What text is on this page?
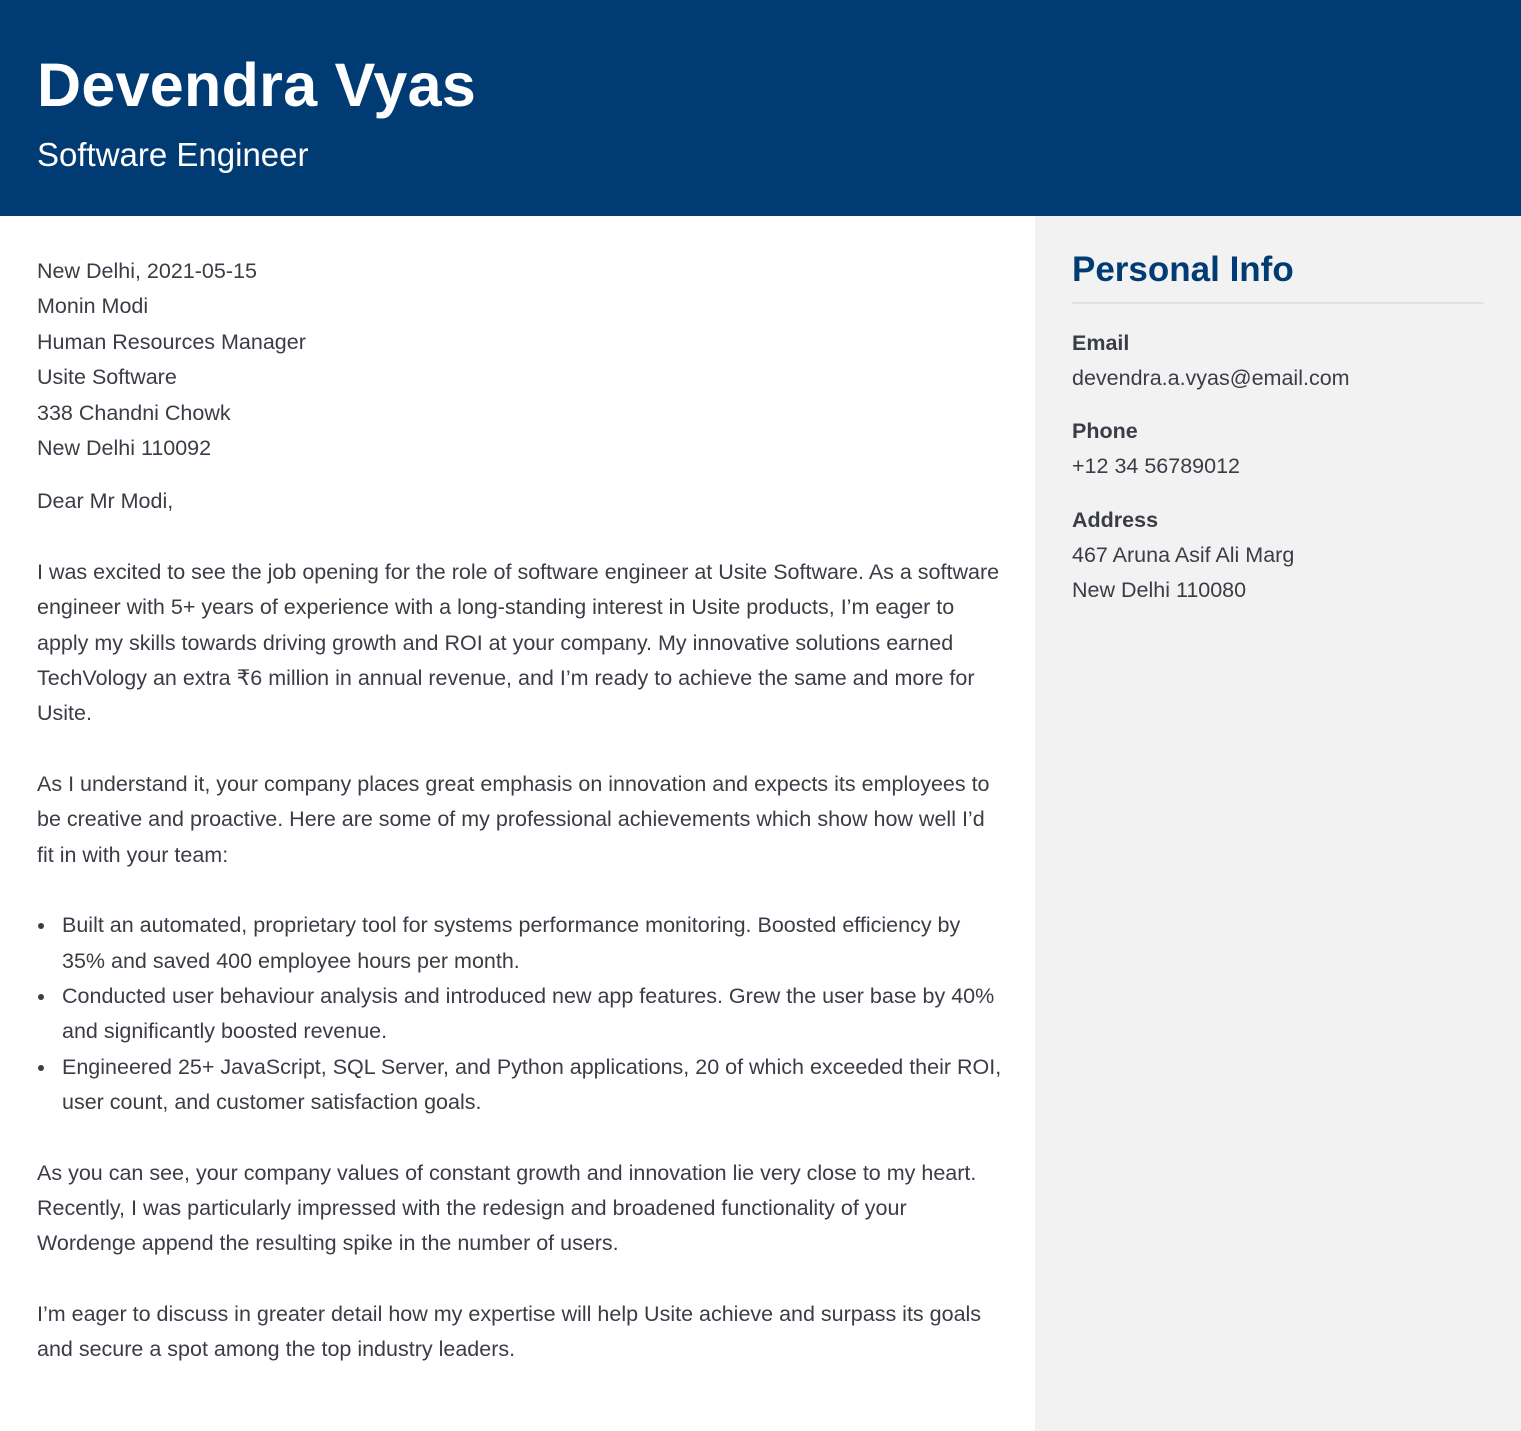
Devendra Vyas
Software Engineer
New Delhi, 2021-05-15
Monin Modi
Human Resources Manager
Usite Software
338 Chandni Chowk
New Delhi 110092

Dear Mr Modi,

I was excited to see the job opening for the role of software engineer at Usite Software. As a software engineer with 5+ years of experience with a long-standing interest in Usite products, I’m eager to apply my skills towards driving growth and ROI at your company. My innovative solutions earned TechVology an extra ₹6 million in annual revenue, and I’m ready to achieve the same and more for Usite.

As I understand it, your company places great emphasis on innovation and expects its employees to be creative and proactive. Here are some of my professional achievements which show how well I’d fit in with your team:

Built an automated, proprietary tool for systems performance monitoring. Boosted efficiency by 35% and saved 400 employee hours per month.
Conducted user behaviour analysis and introduced new app features. Grew the user base by 40% and significantly boosted revenue.
Engineered 25+ JavaScript, SQL Server, and Python applications, 20 of which exceeded their ROI, user count, and customer satisfaction goals.

As you can see, your company values of constant growth and innovation lie very close to my heart. Recently, I was particularly impressed with the redesign and broadened functionality of your Wordenge append the resulting spike in the number of users.

I’m eager to discuss in greater detail how my expertise will help Usite achieve and surpass its goals and secure a spot among the top industry leaders.

Personal Info
Email
devendra.a.vyas@email.com
Phone
+12 34 56789012
Address
467 Aruna Asif Ali Marg
New Delhi 110080
